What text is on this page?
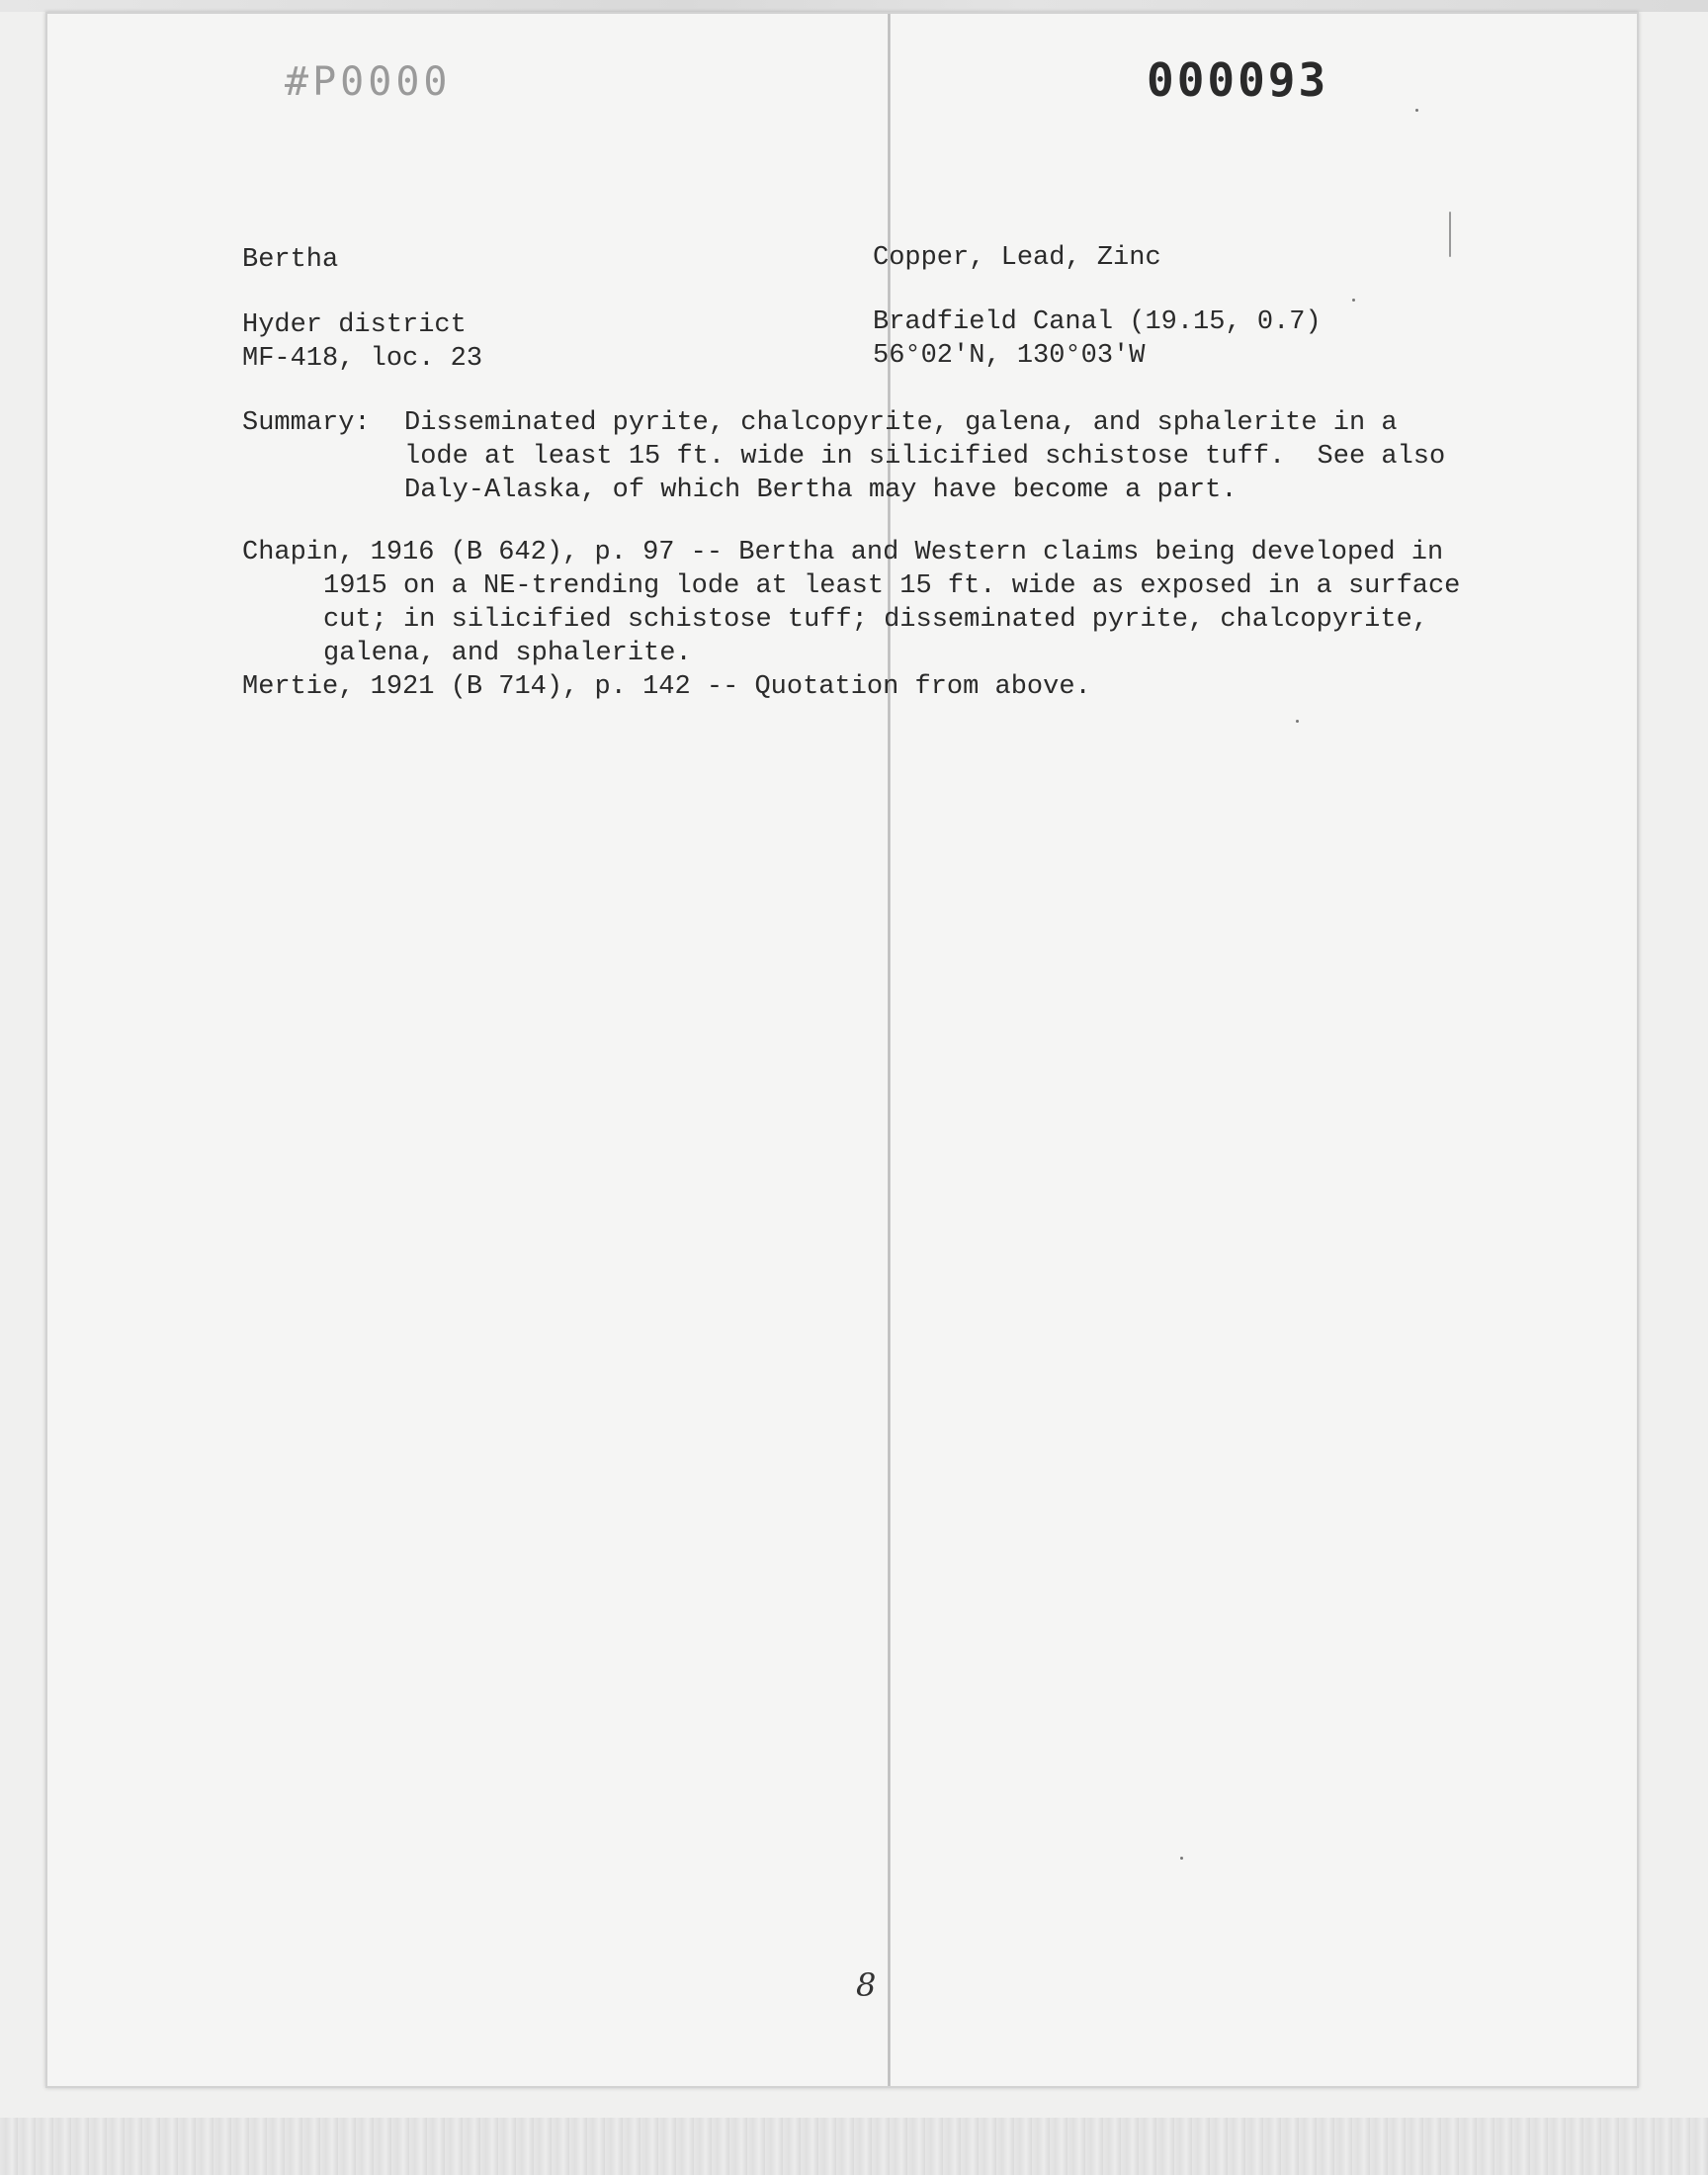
#P0000	000093
Bertha	Copper, Lead, Zinc
Hyder district	Bradfield Canal (19.15, 0.7)
MF-418, loc. 23	56°02'N, 130°03'W
Summary: Disseminated pyrite, chalcopyrite, galena, and sphalerite in a
lode at least 15 ft. wide in silicified schistose tuff.  See also
Daly-Alaska, of which Bertha may have become a part.
Chapin, 1916 (B 642), p. 97 -- Bertha and Western claims being developed in
1915 on a NE-trending lode at least 15 ft. wide as exposed in a surface
cut; in silicified schistose tuff; disseminated pyrite, chalcopyrite,
galena, and sphalerite.
Mertie, 1921 (B 714), p. 142 -- Quotation from above.
8
